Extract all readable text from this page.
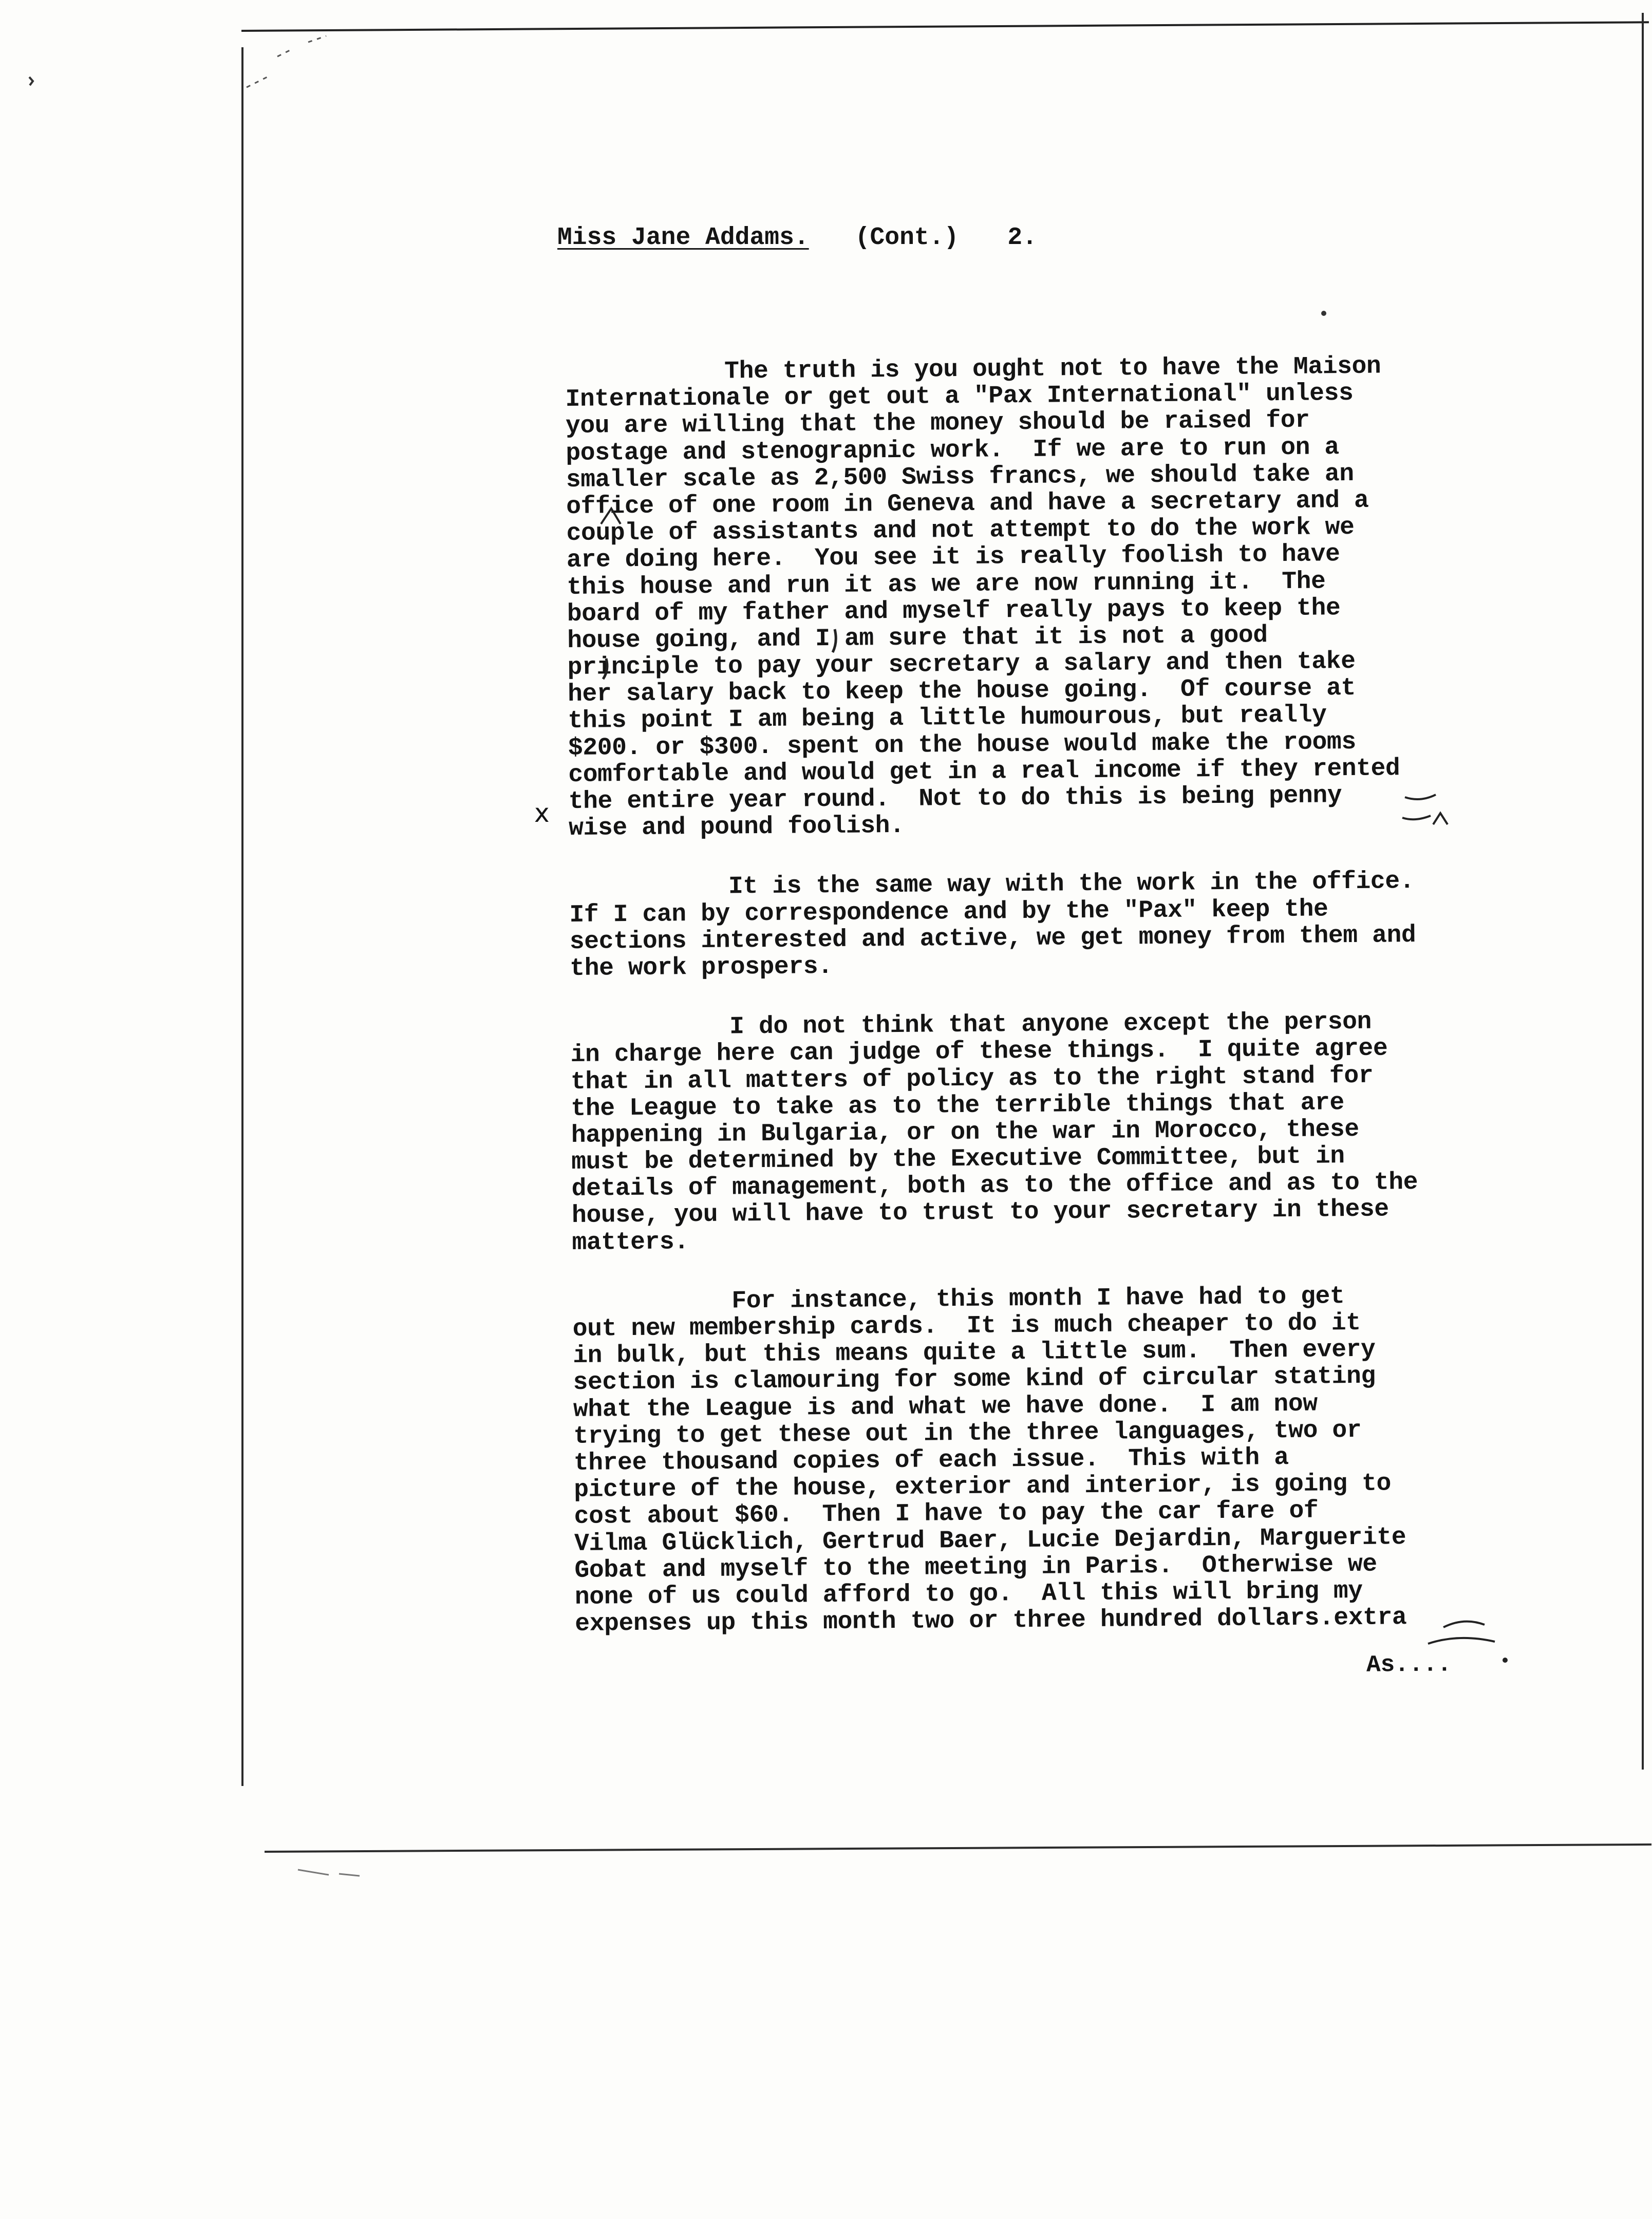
Miss Jane Addams. (Cont.) 2.
x
The truth is you ought not to have the Maison
Internationale or get out a "Pax International" unless
you are willing that the money should be raised for
postage and stenograpnic work.  If we are to run on a
smaller scale as 2,500 Swiss francs, we should take an
office of one room in Geneva and have a secretary and a
couple of assistants and not attempt to do the work we
are doing here.  You see it is really foolish to have
this house and run it as we are now running it.  The
board of my father and myself really pays to keep the
house going, and I am sure that it is not a good
principle to pay your secretary a salary and then take
her salary back to keep the house going.  Of course at
this point I am being a little humourous, but really
$200. or $300. spent on the house would make the rooms
comfortable and would get in a real income if they rented
the entire year round.  Not to do this is being penny
wise and pound foolish.
It is the same way with the work in the office.
If I can by correspondence and by the "Pax" keep the
sections interested and active, we get money from them and
the work prospers.
I do not think that anyone except the person
in charge here can judge of these things.  I quite agree
that in all matters of policy as to the right stand for
the League to take as to the terrible things that are
happening in Bulgaria, or on the war in Morocco, these
must be determined by the Executive Committee, but in
details of management, both as to the office and as to the
house, you will have to trust to your secretary in these
matters.
For instance, this month I have had to get
out new membership cards.  It is much cheaper to do it
in bulk, but this means quite a little sum.  Then every
section is clamouring for some kind of circular stating
what the League is and what we have done.  I am now
trying to get these out in the three languages, two or
three thousand copies of each issue.  This with a
picture of the house, exterior and interior, is going to
cost about $60.  Then I have to pay the car fare of
Vilma Glücklich, Gertrud Baer, Lucie Dejardin, Marguerite
Gobat and myself to the meeting in Paris.  Otherwise we
none of us could afford to go.  All this will bring my
expenses up this month two or three hundred dollars.extra
As....
